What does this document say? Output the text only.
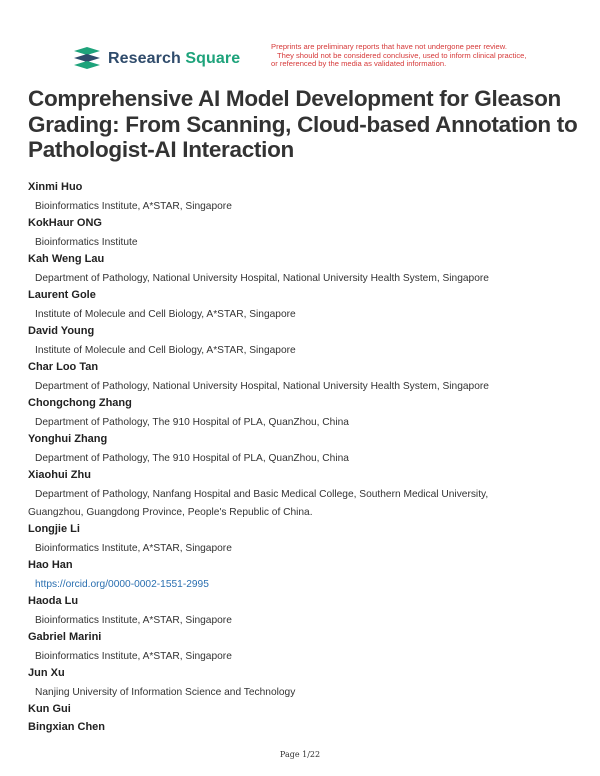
Research Square
Preprints are preliminary reports that have not undergone peer review.
They should not be considered conclusive, used to inform clinical practice,
or referenced by the media as validated information.
Comprehensive AI Model Development for Gleason Grading: From Scanning, Cloud-based Annotation to Pathologist-AI Interaction
Xinmi Huo
Bioinformatics Institute, A*STAR, Singapore
KokHaur ONG
Bioinformatics Institute
Kah Weng Lau
Department of Pathology, National University Hospital, National University Health System, Singapore
Laurent Gole
Institute of Molecule and Cell Biology, A*STAR, Singapore
David Young
Institute of Molecule and Cell Biology, A*STAR, Singapore
Char Loo Tan
Department of Pathology, National University Hospital, National University Health System, Singapore
Chongchong Zhang
Department of Pathology, The 910 Hospital of PLA, QuanZhou, China
Yonghui Zhang
Department of Pathology, The 910 Hospital of PLA, QuanZhou, China
Xiaohui Zhu
Department of Pathology, Nanfang Hospital and Basic Medical College, Southern Medical University,
Guangzhou, Guangdong Province, People's Republic of China.
Longjie Li
Bioinformatics Institute, A*STAR, Singapore
Hao Han
https://orcid.org/0000-0002-1551-2995
Haoda Lu
Bioinformatics Institute, A*STAR, Singapore
Gabriel Marini
Bioinformatics Institute, A*STAR, Singapore
Jun Xu
Nanjing University of Information Science and Technology
Kun Gui
Bingxian Chen
Page 1/22
